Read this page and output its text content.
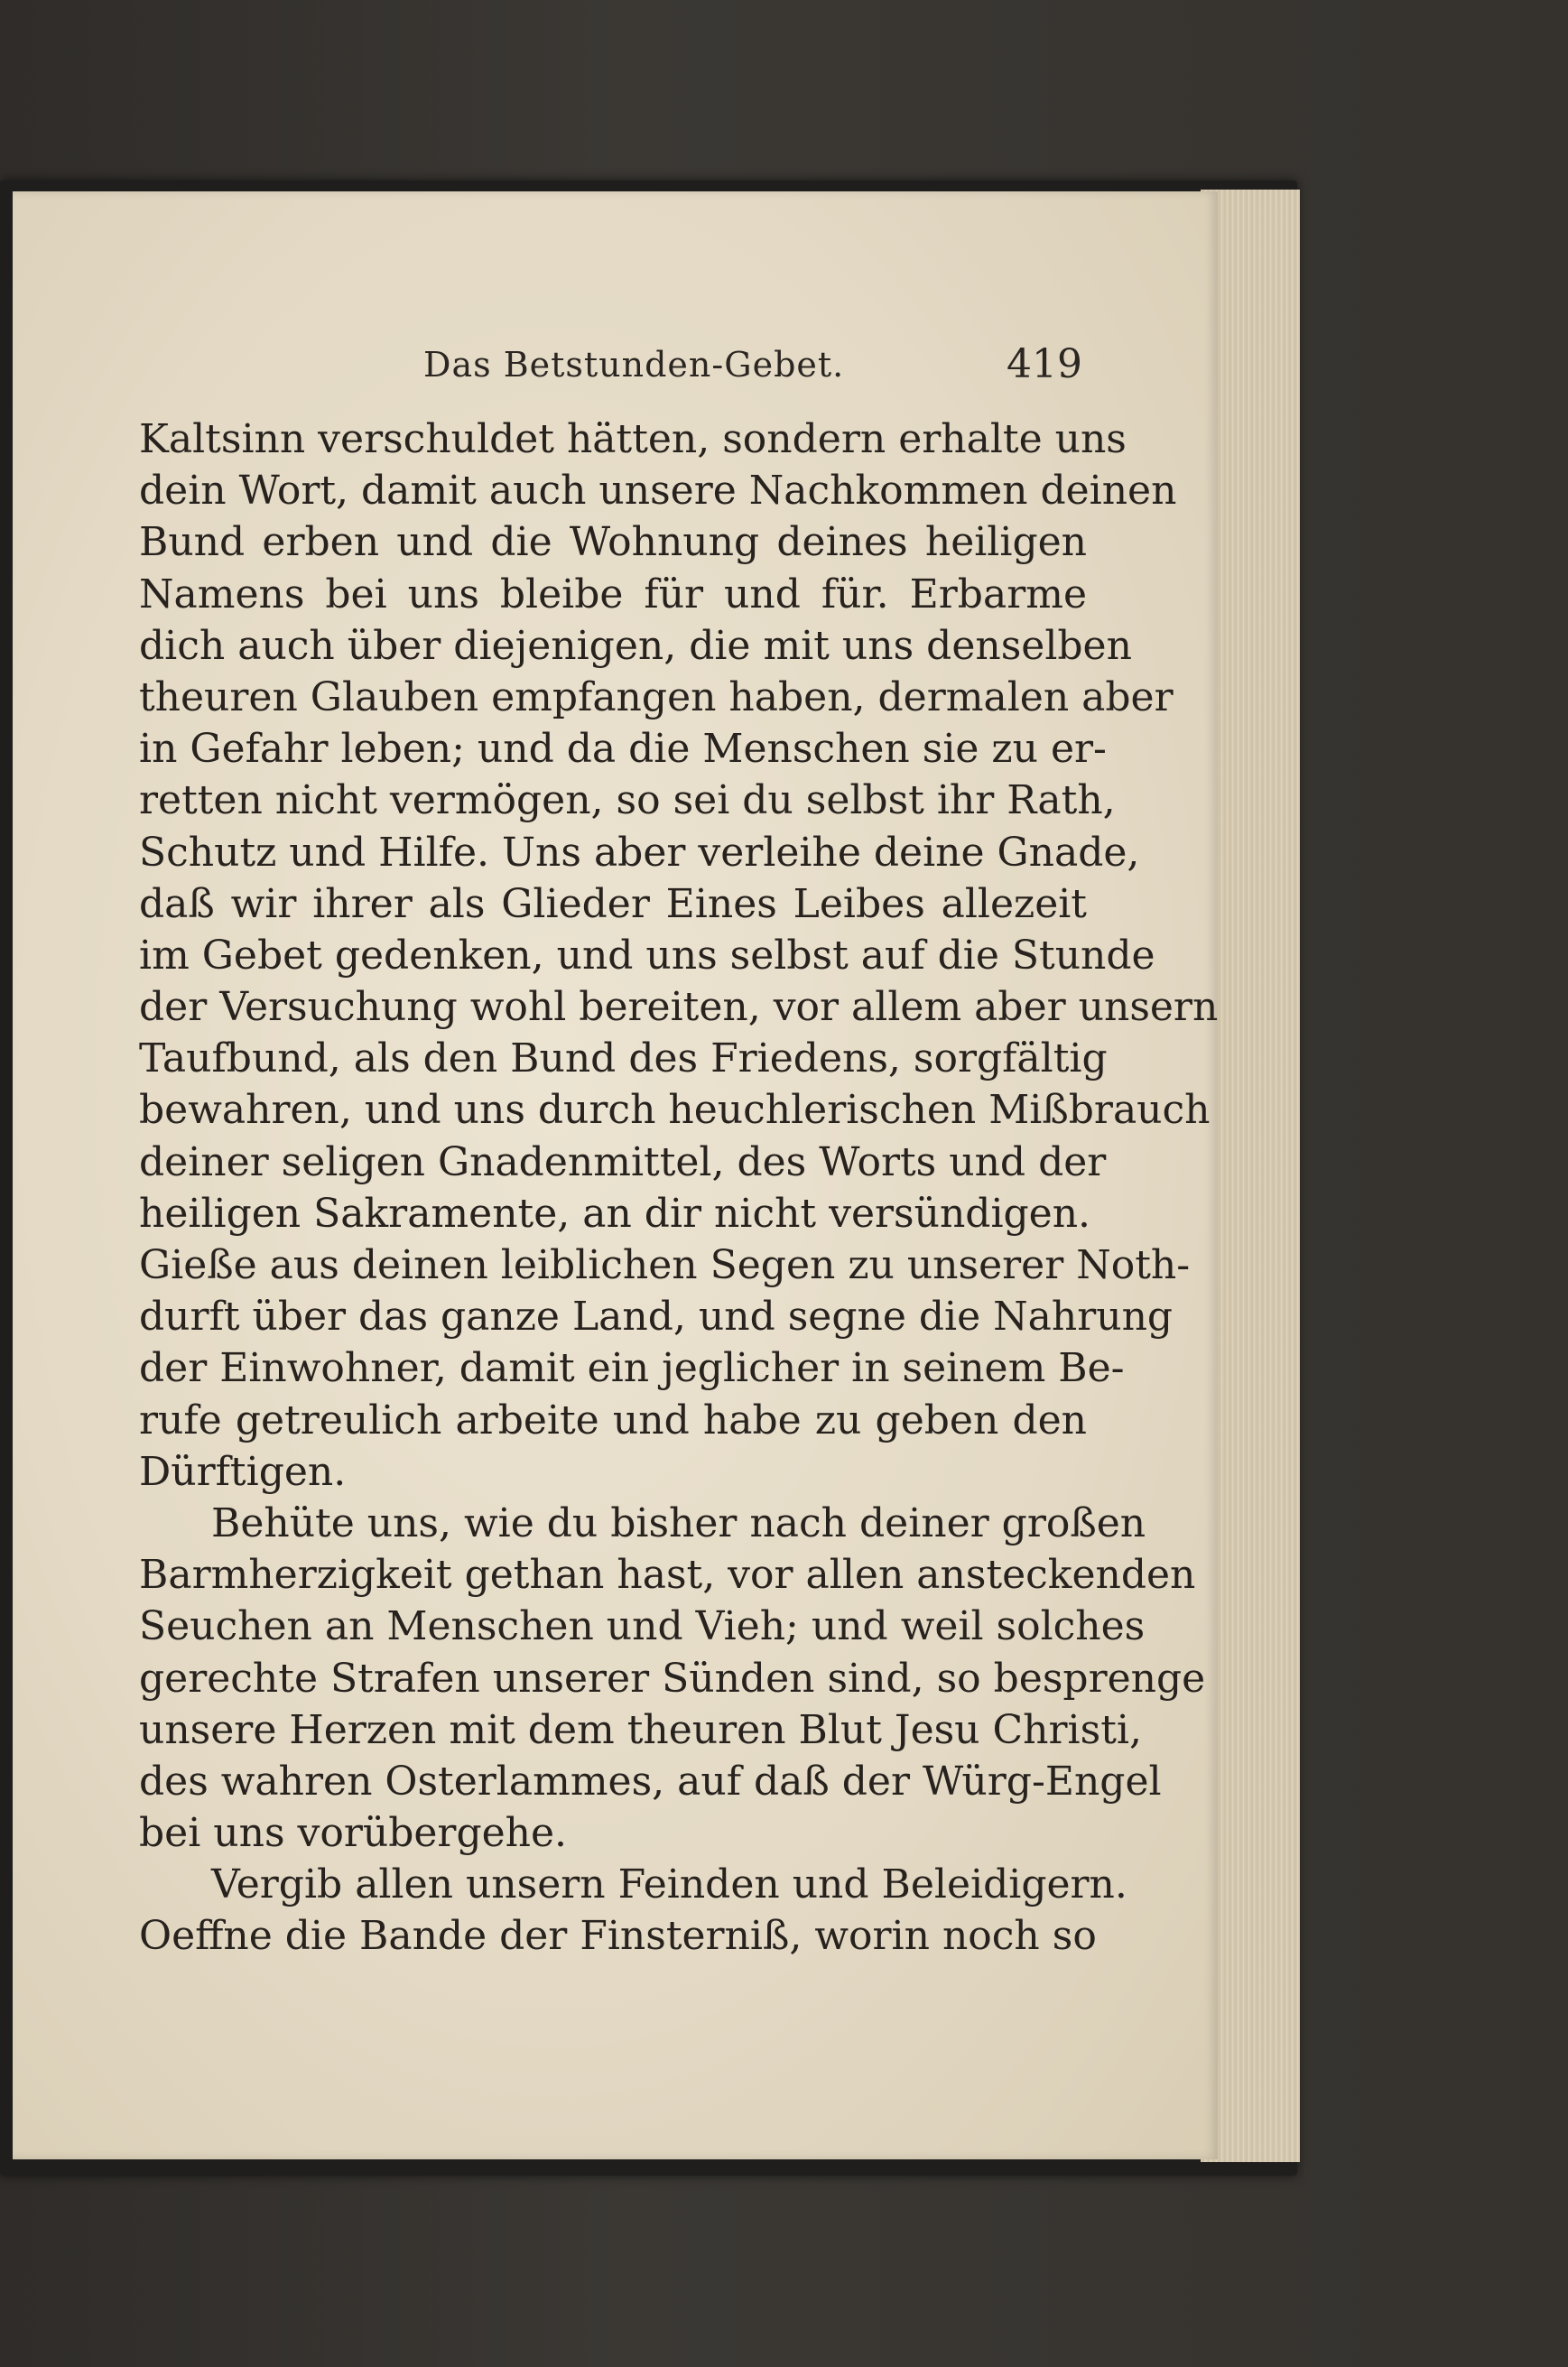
Das Betstunden-Gebet.	419
Kaltsinn verschuldet hätten, sondern erhalte uns
dein Wort, damit auch unsere Nachkommen deinen
Bund erben und die Wohnung deines heiligen
Namens bei uns bleibe für und für. Erbarme
dich auch über diejenigen, die mit uns denselben
theuren Glauben empfangen haben, dermalen aber
in Gefahr leben; und da die Menschen sie zu er-
retten nicht vermögen, so sei du selbst ihr Rath,
Schutz und Hilfe. Uns aber verleihe deine Gnade,
daß wir ihrer als Glieder Eines Leibes allezeit
im Gebet gedenken, und uns selbst auf die Stunde
der Versuchung wohl bereiten, vor allem aber unsern
Taufbund, als den Bund des Friedens, sorgfältig
bewahren, und uns durch heuchlerischen Mißbrauch
deiner seligen Gnadenmittel, des Worts und der
heiligen Sakramente, an dir nicht versündigen.
Gieße aus deinen leiblichen Segen zu unserer Noth-
durft über das ganze Land, und segne die Nahrung
der Einwohner, damit ein jeglicher in seinem Be-
rufe getreulich arbeite und habe zu geben den
Dürftigen.
Behüte uns, wie du bisher nach deiner großen
Barmherzigkeit gethan hast, vor allen ansteckenden
Seuchen an Menschen und Vieh; und weil solches
gerechte Strafen unserer Sünden sind, so besprenge
unsere Herzen mit dem theuren Blut Jesu Christi,
des wahren Osterlammes, auf daß der Würg-Engel
bei uns vorübergehe.
Vergib allen unsern Feinden und Beleidigern.
Oeffne die Bande der Finsterniß, worin noch so
